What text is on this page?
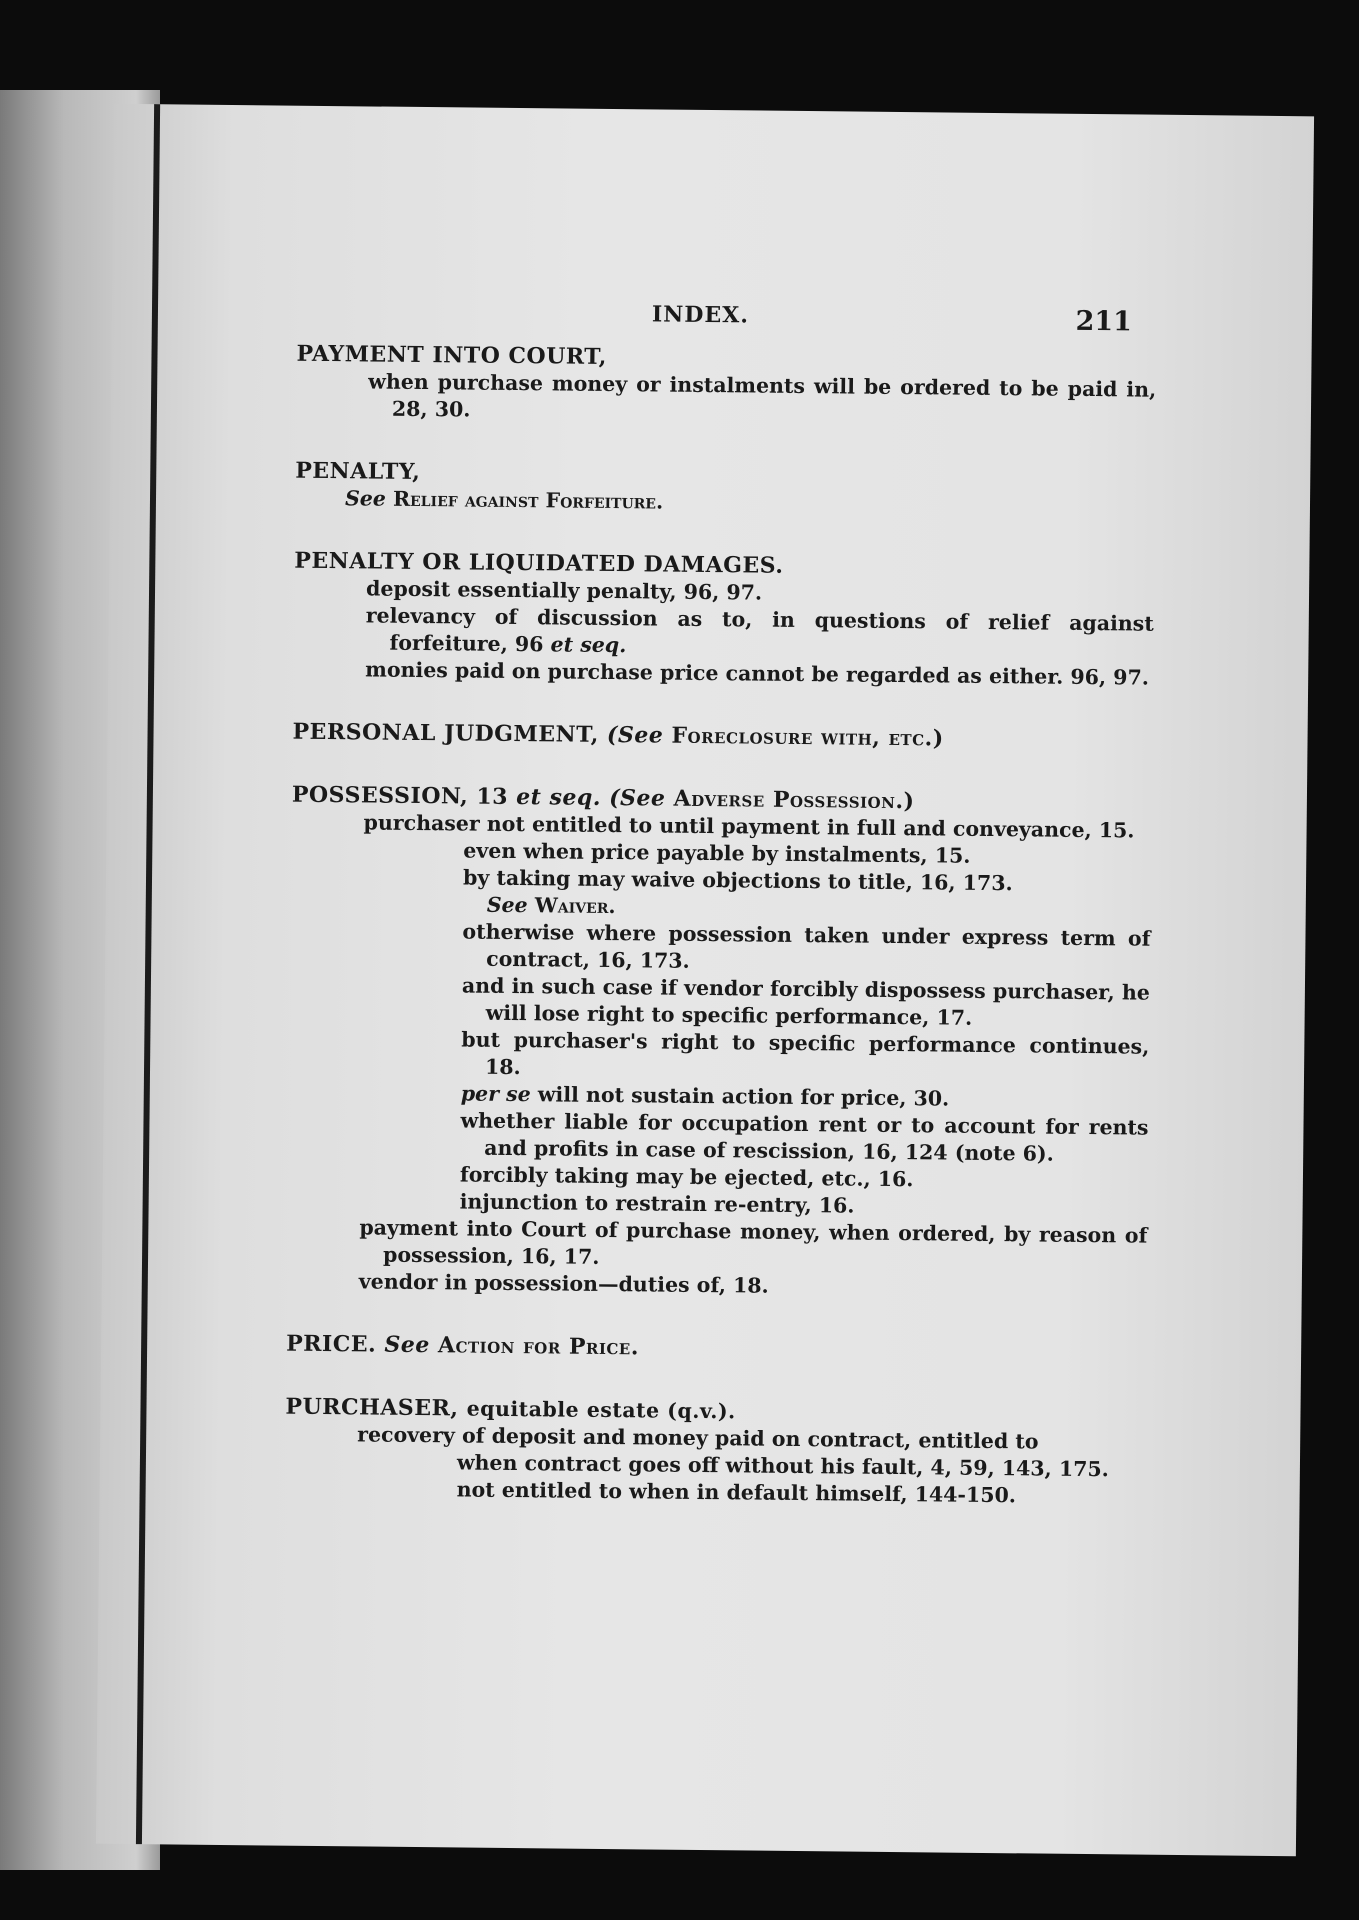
INDEX.	211
PAYMENT INTO COURT,
when purchase money or instalments will be ordered to be paid in, 28, 30.
PENALTY,
See Relief against Forfeiture.
PENALTY OR LIQUIDATED DAMAGES.
deposit essentially penalty, 96, 97.
relevancy of discussion as to, in questions of relief against forfeiture, 96 et seq.
monies paid on purchase price cannot be regarded as either. 96, 97.
PERSONAL JUDGMENT, (See Foreclosure with, etc.)
POSSESSION, 13 et seq. (See Adverse Possession.)
purchaser not entitled to until payment in full and conveyance, 15.
even when price payable by instalments, 15.
by taking may waive objections to title, 16, 173.
See Waiver.
otherwise where possession taken under express term of contract, 16, 173.
and in such case if vendor forcibly dispossess purchaser, he will lose right to specific performance, 17.
but purchaser's right to specific performance continues, 18.
per se will not sustain action for price, 30.
whether liable for occupation rent or to account for rents and profits in case of rescission, 16, 124 (note 6).
forcibly taking may be ejected, etc., 16.
injunction to restrain re-entry, 16.
payment into Court of purchase money, when ordered, by reason of possession, 16, 17.
vendor in possession—duties of, 18.
PRICE. See Action for Price.
PURCHASER, equitable estate (q.v.).
recovery of deposit and money paid on contract, entitled to
when contract goes off without his fault, 4, 59, 143, 175.
not entitled to when in default himself, 144-150.
